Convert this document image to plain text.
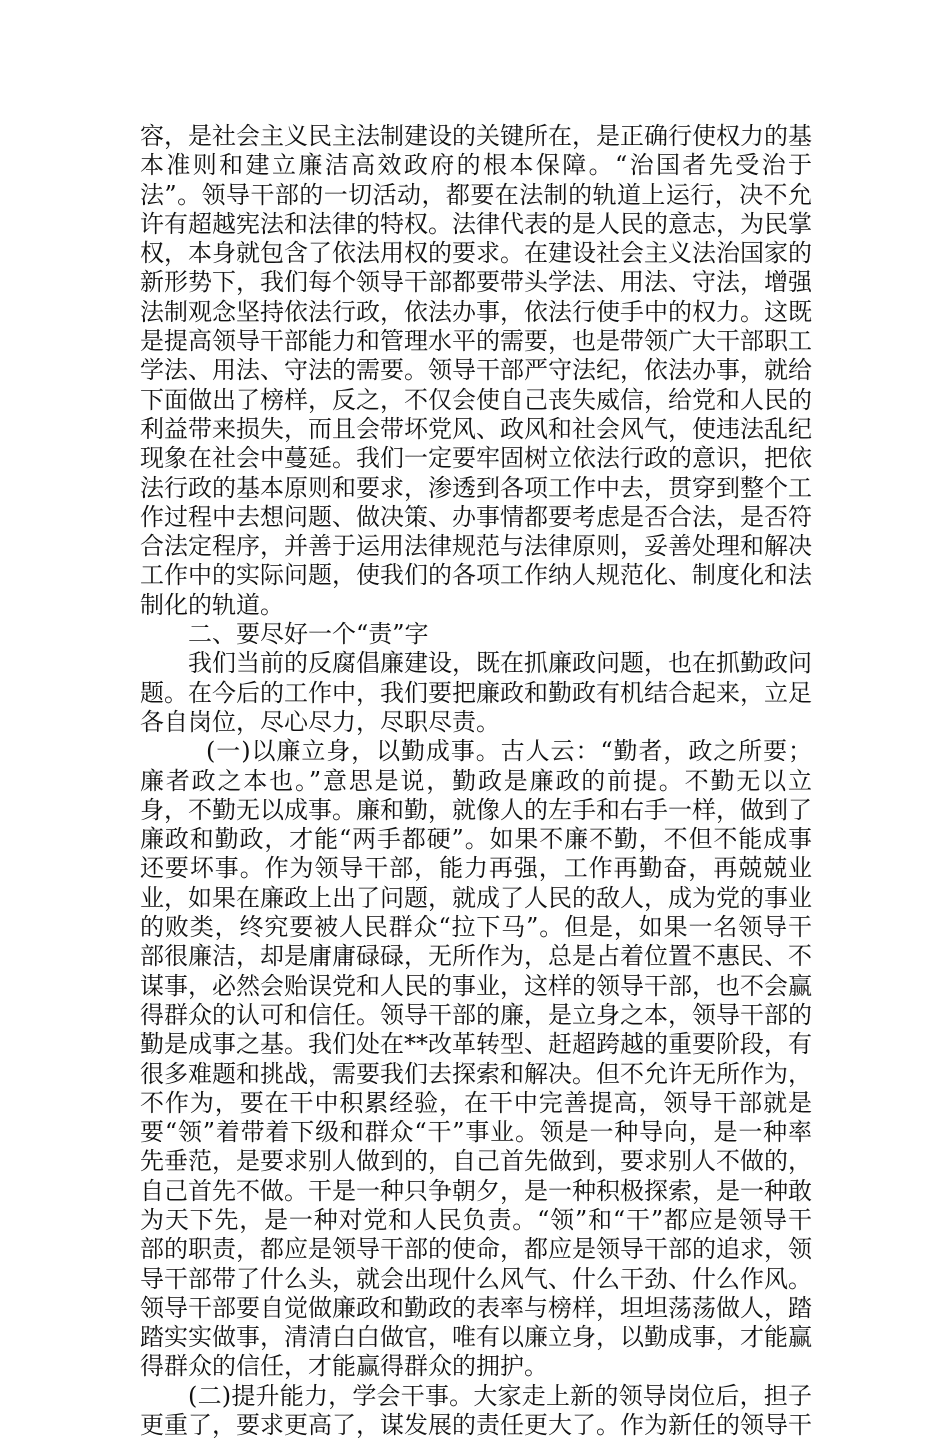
容，是社会主义民主法制建设的关键所在，是正确行使权力的基本准则和建立廉洁高效政府的根本保障。“治国者先受治于法”。领导干部的一切活动，都要在法制的轨道上运行，决不允许有超越宪法和法律的特权。法律代表的是人民的意志，为民掌权，本身就包含了依法用权的要求。在建设社会主义法治国家的新形势下，我们每个领导干部都要带头学法、用法、守法，增强法制观念坚持依法行政，依法办事，依法行使手中的权力。这既是提高领导干部能力和管理水平的需要，也是带领广大干部职工学法、用法、守法的需要。领导干部严守法纪，依法办事，就给下面做出了榜样，反之，不仅会使自己丧失威信，给党和人民的利益带来损失，而且会带坏党风、政风和社会风气，使违法乱纪现象在社会中蔓延。我们一定要牢固树立依法行政的意识，把依法行政的基本原则和要求，渗透到各项工作中去，贯穿到整个工作过程中去想问题、做决策、办事情都要考虑是否合法，是否符合法定程序，并善于运用法律规范与法律原则，妥善处理和解决工作中的实际问题，使我们的各项工作纳人规范化、制度化和法制化的轨道。

二、要尽好一个“责”字

我们当前的反腐倡廉建设，既在抓廉政问题，也在抓勤政问题。在今后的工作中，我们要把廉政和勤政有机结合起来，立足各自岗位，尽心尽力，尽职尽责。

(一)以廉立身，以勤成事。古人云：“勤者，政之所要；廉者政之本也。”意思是说，勤政是廉政的前提。不勤无以立身，不勤无以成事。廉和勤，就像人的左手和右手一样，做到了廉政和勤政，才能“两手都硬”。如果不廉不勤，不但不能成事还要坏事。作为领导干部，能力再强，工作再勤奋，再兢兢业业，如果在廉政上出了问题，就成了人民的敌人，成为党的事业的败类，终究要被人民群众“拉下马”。但是，如果一名领导干部很廉洁，却是庸庸碌碌，无所作为，总是占着位置不惠民、不谋事，必然会贻误党和人民的事业，这样的领导干部，也不会赢得群众的认可和信任。领导干部的廉，是立身之本，领导干部的勤是成事之基。我们处在**改革转型、赶超跨越的重要阶段，有很多难题和挑战，需要我们去探索和解决。但不允许无所作为，不作为，要在干中积累经验，在干中完善提高，领导干部就是要“领”着带着下级和群众“干”事业。领是一种导向，是一种率先垂范，是要求别人做到的，自己首先做到，要求别人不做的，自己首先不做。干是一种只争朝夕，是一种积极探索，是一种敢为天下先，是一种对党和人民负责。“领”和“干”都应是领导干部的职责，都应是领导干部的使命，都应是领导干部的追求，领导干部带了什么头，就会出现什么风气、什么干劲、什么作风。领导干部要自觉做廉政和勤政的表率与榜样，坦坦荡荡做人，踏踏实实做事，清清白白做官，唯有以廉立身，以勤成事，才能赢得群众的信任，才能赢得群众的拥护。

(二)提升能力，学会干事。大家走上新的领导岗位后，担子更重了，要求更高了，谋发展的责任更大了。作为新任的领导干
